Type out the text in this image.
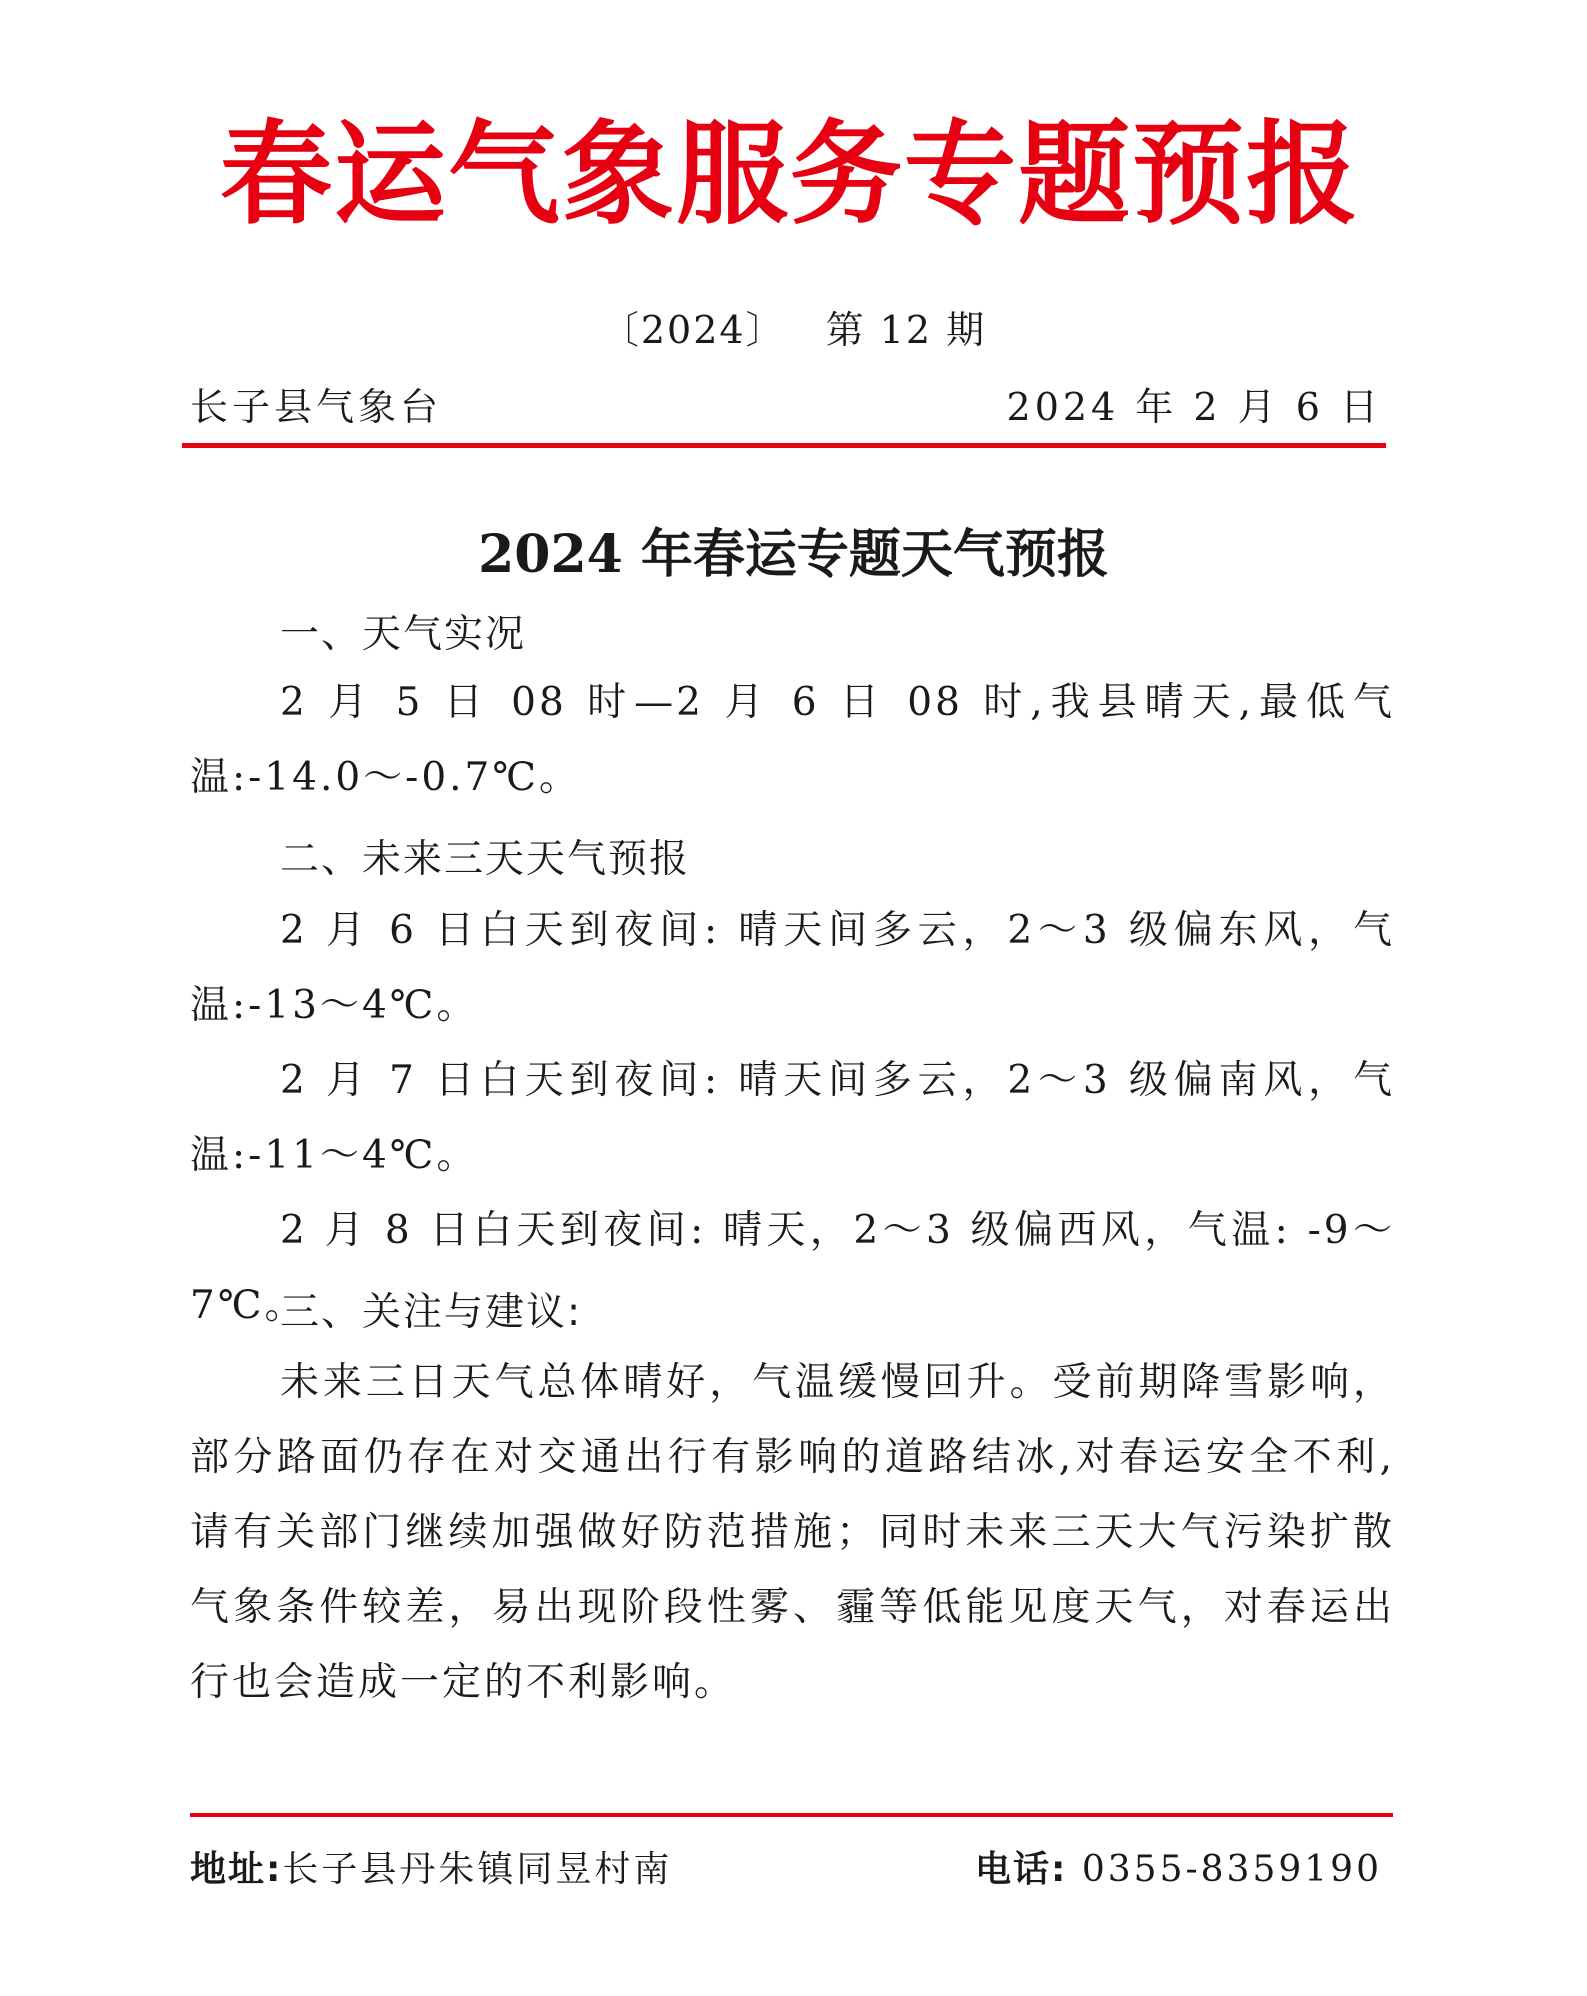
春运气象服务专题预报
〔2024〕 第 12 期
长子县气象台	2024 年 2 月 6 日
2024 年春运专题天气预报
一、天气实况
2 月 5 日 08 时—2 月 6 日 08 时,我县晴天,最低气温:-14.0～-0.7℃。
二、未来三天天气预报
2 月 6 日白天到夜间: 晴天间多云，2～3 级偏东风，气温:-13～4℃。
2 月 7 日白天到夜间: 晴天间多云，2～3 级偏南风，气温:-11～4℃。
2 月 8 日白天到夜间: 晴天，2～3 级偏西风，气温: -9～7℃。
三、关注与建议:
未来三日天气总体晴好，气温缓慢回升。受前期降雪影响，部分路面仍存在对交通出行有影响的道路结冰,对春运安全不利,请有关部门继续加强做好防范措施；同时未来三天大气污染扩散气象条件较差，易出现阶段性雾、霾等低能见度天气，对春运出行也会造成一定的不利影响。
地址:长子县丹朱镇同昱村南	电话: 0355-8359190
